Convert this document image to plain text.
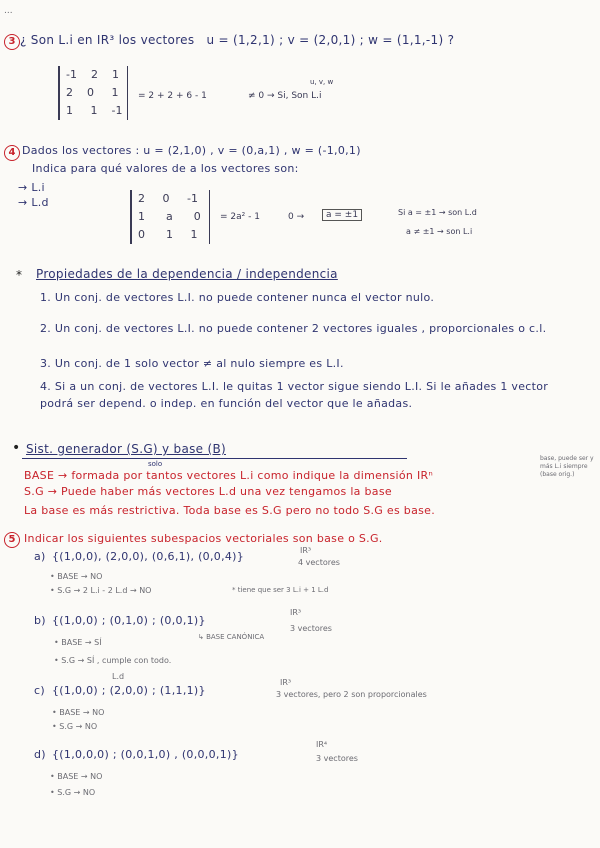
...
3 ¿ Son L.i en IR³ los vectores u = (1,2,1) ; v = (2,0,1) ; w = (1,1,-1) ?
-1 2 1
2 0 1
1 1 -1
= 2 + 2 + 6 - 1	≠ 0 → Si, Son L.i
u, v, w
4 Dados los vectores : u = (2,1,0) , v = (0,a,1) , w = (-1,0,1)
Indica para qué valores de a los vectores son:
→ L.i
→ L.d	2 0 -1
1 a 0
0 1 1
= 2a² - 1	0 →	a = ±1	Si a = ±1 → son L.d
a ≠ ±1 → son L.i
* Propiedades de la dependencia / independencia
1. Un conj. de vectores L.I. no puede contener nunca el vector nulo.
2. Un conj. de vectores L.I. no puede contener 2 vectores iguales , proporcionales o c.l.
3. Un conj. de 1 solo vector ≠ al nulo siempre es L.I.
4. Si a un conj. de vectores L.I. le quitas 1 vector sigue siendo L.I. Si le añades 1 vector podrá ser depend. o indep. en función del vector que le añadas.
• Sist. generador (S.G) y base (B)
solo
BASE → formada por tantos vectores L.i como indique la dimensión IRⁿ
S.G → Puede haber más vectores L.d una vez tengamos la base
La base es más restrictiva. Toda base es S.G pero no todo S.G es base.
base, puede ser y más L.i siempre (base orig.)
5 Indicar los siguientes subespacios vectoriales son base o S.G.
a) {(1,0,0), (2,0,0), (0,6,1), (0,0,4)}	IR³
4 vectores
• BASE → NO
• S.G → 2 L.i - 2 L.d → NO	* tiene que ser 3 L.i + 1 L.d
b) {(1,0,0) ; (0,1,0) ; (0,0,1)}
IR³
3 vectores
↳ BASE CANÓNICA
• BASE → SÍ
• S.G → SÍ , cumple con todo.
L.d
c) {(1,0,0) ; (2,0,0) ; (1,1,1)}
IR³
3 vectores, pero 2 son proporcionales
• BASE → NO
• S.G → NO
d) {(1,0,0,0) ; (0,0,1,0) , (0,0,0,1)}
IR⁴
3 vectores
• BASE → NO
• S.G → NO
